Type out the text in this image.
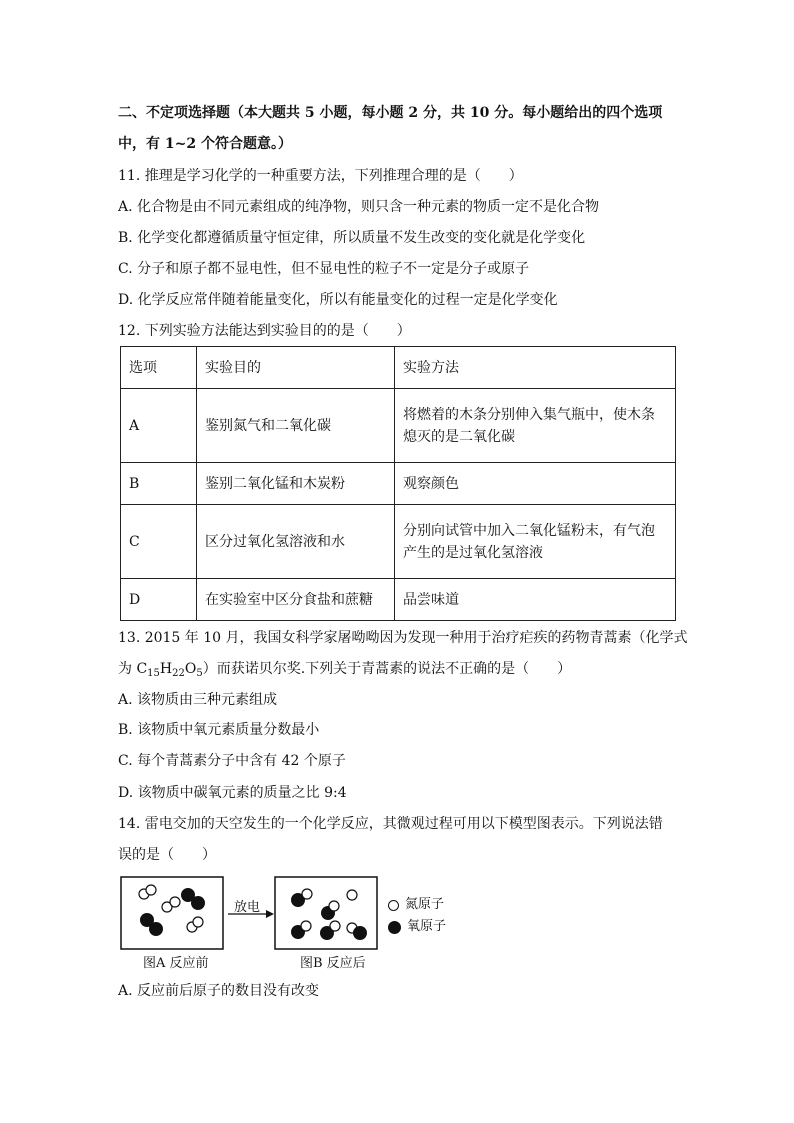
二、不定项选择题（本大题共 5 小题，每小题 2 分，共 10 分。每小题给出的四个选项
中，有 1~2 个符合题意。）
11. 推理是学习化学的一种重要方法，下列推理合理的是（　　）
A. 化合物是由不同元素组成的纯净物，则只含一种元素的物质一定不是化合物
B. 化学变化都遵循质量守恒定律，所以质量不发生改变的变化就是化学变化
C. 分子和原子都不显电性，但不显电性的粒子不一定是分子或原子
D. 化学反应常伴随着能量变化，所以有能量变化的过程一定是化学变化
12. 下列实验方法能达到实验目的的是（　　）
选项	实验目的	实验方法
A	鉴别氮气和二氧化碳	将燃着的木条分别伸入集气瓶中，使木条
熄灭的是二氧化碳

B	鉴别二氧化锰和木炭粉	观察颜色
C	区分过氧化氢溶液和水	分别向试管中加入二氧化锰粉末，有气泡
产生的是过氧化氢溶液

D	在实验室中区分食盐和蔗糖	品尝味道
13. 2015 年 10 月，我国女科学家屠呦呦因为发现一种用于治疗疟疾的药物青蒿素（化学式
为 $C_{15}H_{22}O_5$）而获诺贝尔奖.下列关于青蒿素的说法不正确的是（　　）
A. 该物质由三种元素组成
B. 该物质中氧元素质量分数最小
C. 每个青蒿素分子中含有 42 个原子
D. 该物质中碳氧元素的质量之比 9:4
14. 雷电交加的天空发生的一个化学反应，其微观过程可用以下模型图表示。下列说法错
误的是（　　）
放电	氮原子
氧原子
图A 反应前	图B 反应后
A. 反应前后原子的数目没有改变
